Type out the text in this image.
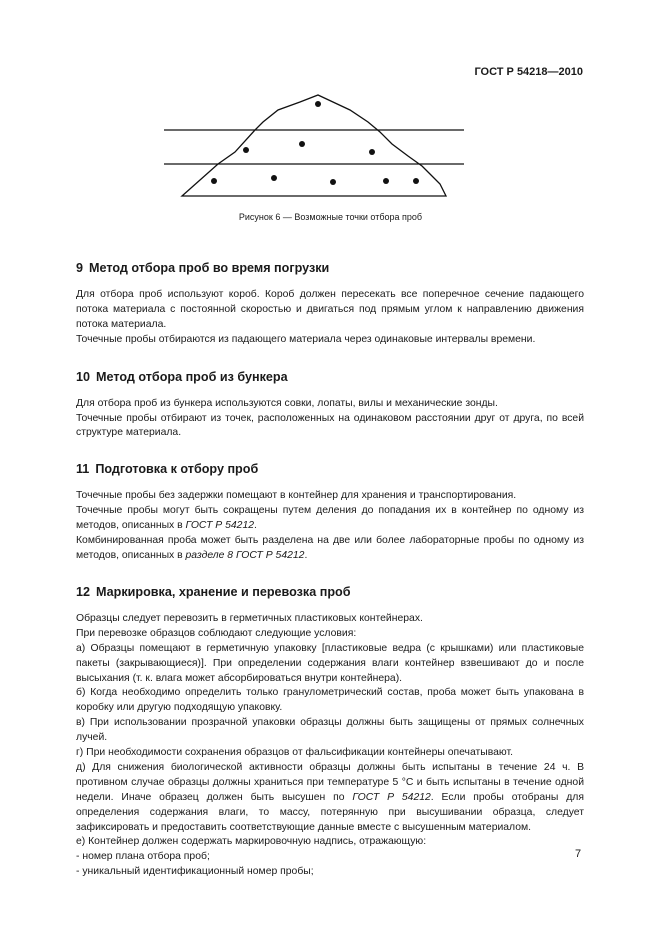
ГОСТ Р 54218—2010
Рисунок 6 — Возможные точки отбора проб
9 Метод отбора проб во время погрузки

Для отбора проб используют короб. Короб должен пересекать все поперечное сечение падающего потока материала с постоянной скоростью и двигаться под прямым углом к направлению движения потока материала.

Точечные пробы отбираются из падающего материала через одинаковые интервалы времени.

10 Метод отбора проб из бункера

Для отбора проб из бункера используются совки, лопаты, вилы и механические зонды.

Точечные пробы отбирают из точек, расположенных на одинаковом расстоянии друг от друга, по всей структуре материала.

11 Подготовка к отбору проб

Точечные пробы без задержки помещают в контейнер для хранения и транспортирования.

Точечные пробы могут быть сокращены путем деления до попадания их в контейнер по одному из методов, описанных в ГОСТ Р 54212.

Комбинированная проба может быть разделена на две или более лабораторные пробы по одному из методов, описанных в разделе 8 ГОСТ Р 54212.

12 Маркировка, хранение и перевозка проб

Образцы следует перевозить в герметичных пластиковых контейнерах.

При перевозке образцов соблюдают следующие условия:

а) Образцы помещают в герметичную упаковку [пластиковые ведра (с крышками) или пластиковые пакеты (закрывающиеся)]. При определении содержания влаги контейнер взвешивают до и после высыхания (т. к. влага может абсорбироваться внутри контейнера).

б) Когда необходимо определить только гранулометрический состав, проба может быть упакована в коробку или другую подходящую упаковку.

в) При использовании прозрачной упаковки образцы должны быть защищены от прямых солнечных лучей.

г) При необходимости сохранения образцов от фальсификации контейнеры опечатывают.

д) Для снижения биологической активности образцы должны быть испытаны в течение 24 ч. В противном случае образцы должны храниться при температуре 5 °С и быть испытаны в течение одной недели. Иначе образец должен быть высушен по ГОСТ Р 54212. Если пробы отобраны для определения содержания влаги, то массу, потерянную при высушивании образца, следует зафиксировать и предоставить соответствующие данные вместе с высушенным материалом.

е) Контейнер должен содержать маркировочную надпись, отражающую:

- номер плана отбора проб;

- уникальный идентификационный номер пробы;

7
